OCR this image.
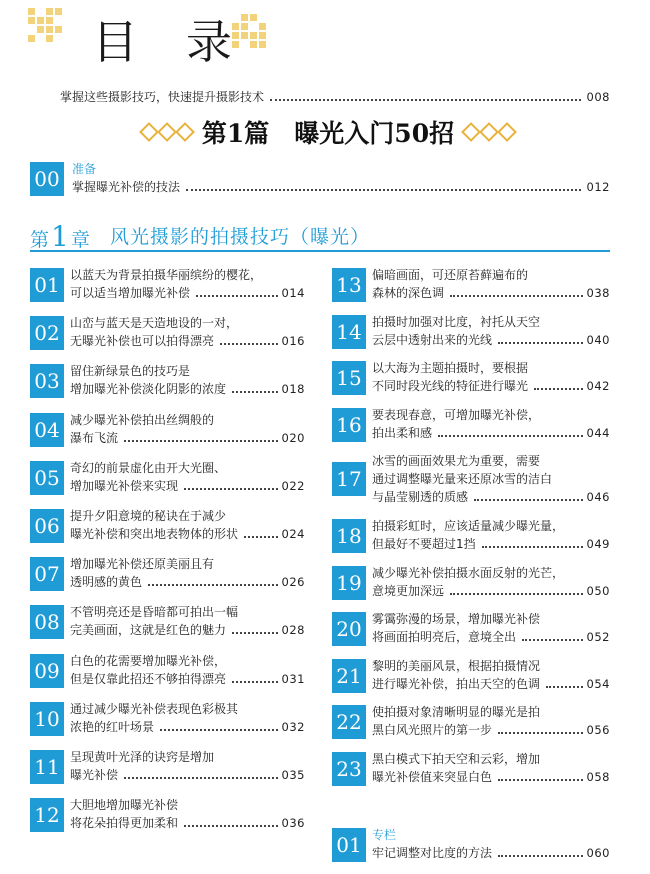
目录
掌握这些摄影技巧，快速提升摄影技术	008
第1篇　曝光入门50招
00	准备
掌握曝光补偿的技法	012
第1 章 风光摄影的拍摄技巧（曝光）
01 以蓝天为背景拍摄华丽缤纷的樱花，
可以适当增加曝光补偿	014
02 山峦与蓝天是天造地设的一对，
无曝光补偿也可以拍得漂亮	016
03 留住新绿景色的技巧是
增加曝光补偿淡化阴影的浓度	018
04 减少曝光补偿拍出丝绸般的
瀑布飞流	020
05 奇幻的前景虚化由开大光圈、
增加曝光补偿来实现	022
06 提升夕阳意境的秘诀在于减少
曝光补偿和突出地表物体的形状	024
07 增加曝光补偿还原美丽且有
透明感的黄色	026
08 不管明亮还是昏暗都可拍出一幅
完美画面，这就是红色的魅力	028
09 白色的花需要增加曝光补偿，
但是仅靠此招还不够拍得漂亮	031
10 通过减少曝光补偿表现色彩极其
浓艳的红叶场景	032
11 呈现黄叶光泽的诀窍是增加
曝光补偿	035
12 大胆地增加曝光补偿
将花朵拍得更加柔和	036
13 偏暗画面，可还原苔藓遍布的
森林的深色调	038
14 拍摄时加强对比度，衬托从天空
云层中透射出来的光线	040
15 以大海为主题拍摄时，要根据
不同时段光线的特征进行曝光	042
16 要表现春意，可增加曝光补偿，
拍出柔和感	044
17
冰雪的画面效果尤为重要，需要
通过调整曝光量来还原冰雪的洁白
与晶莹剔透的质感	046
18 拍摄彩虹时，应该适量减少曝光量，
但最好不要超过1挡	049
19 减少曝光补偿拍摄水面反射的光芒，
意境更加深远	050
20 雾霭弥漫的场景，增加曝光补偿
将画面拍明亮后，意境全出	052
21 黎明的美丽风景，根据拍摄情况
进行曝光补偿，拍出天空的色调	054
22 使拍摄对象清晰明显的曝光是拍
黑白风光照片的第一步	056
23 黑白模式下拍天空和云彩，增加
曝光补偿值来突显白色	058
01 专栏
牢记调整对比度的方法	060
